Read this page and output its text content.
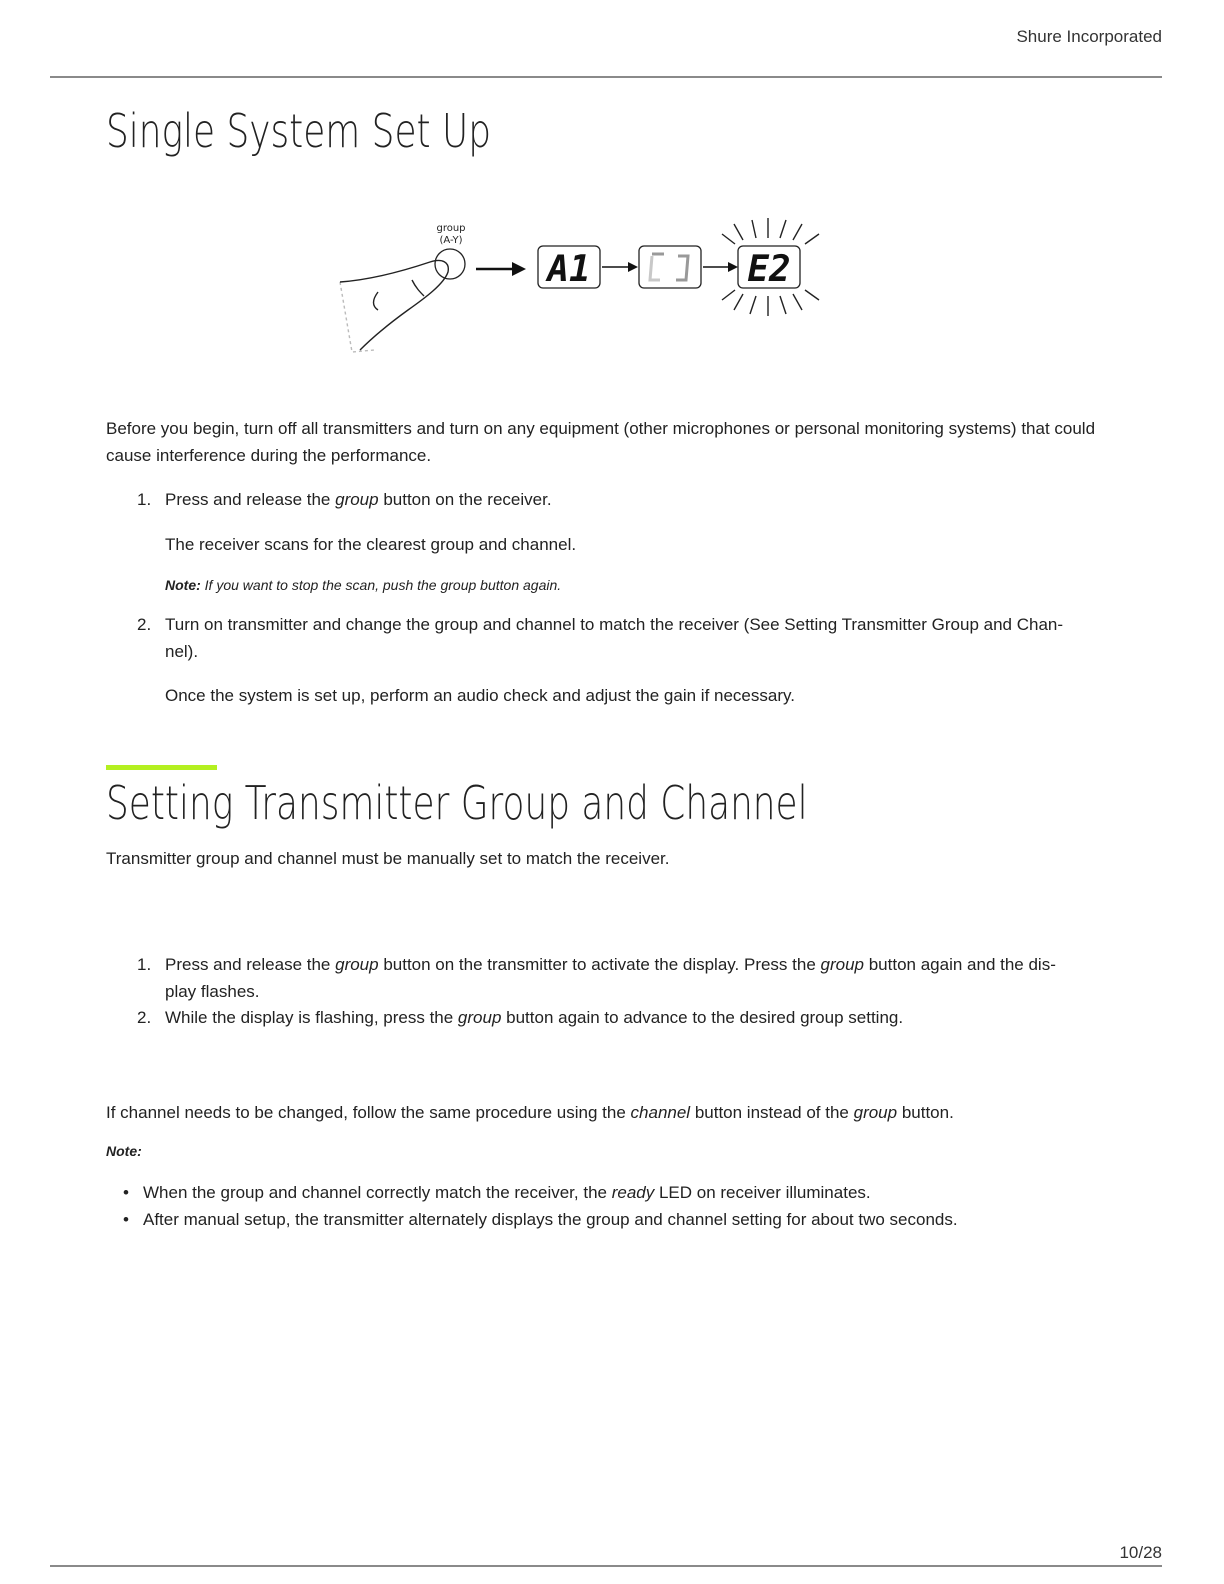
Shure Incorporated
Single System Set Up
group
(A-Y)
A1	E2

Before you begin, turn off all transmitters and turn on any equipment (other microphones or personal monitoring systems) that could cause interference during the performance.

1. Press and release the group button on the receiver.

The receiver scans for the clearest group and channel.

Note: If you want to stop the scan, push the group button again.
2. Turn on transmitter and change the group and channel to match the receiver (See Setting Transmitter Group and Chan-
nel).

Once the system is set up, perform an audio check and adjust the gain if necessary.

Setting Transmitter Group and Channel

Transmitter group and channel must be manually set to match the receiver.

1. Press and release the group button on the transmitter to activate the display. Press the group button again and the dis-
play flashes.

2. While the display is flashing, press the group button again to advance to the desired group setting.

If channel needs to be changed, follow the same procedure using the channel button instead of the group button.

Note:
• When the group and channel correctly match the receiver, the ready LED on receiver illuminates.
• After manual setup, the transmitter alternately displays the group and channel setting for about two seconds.
10/28
